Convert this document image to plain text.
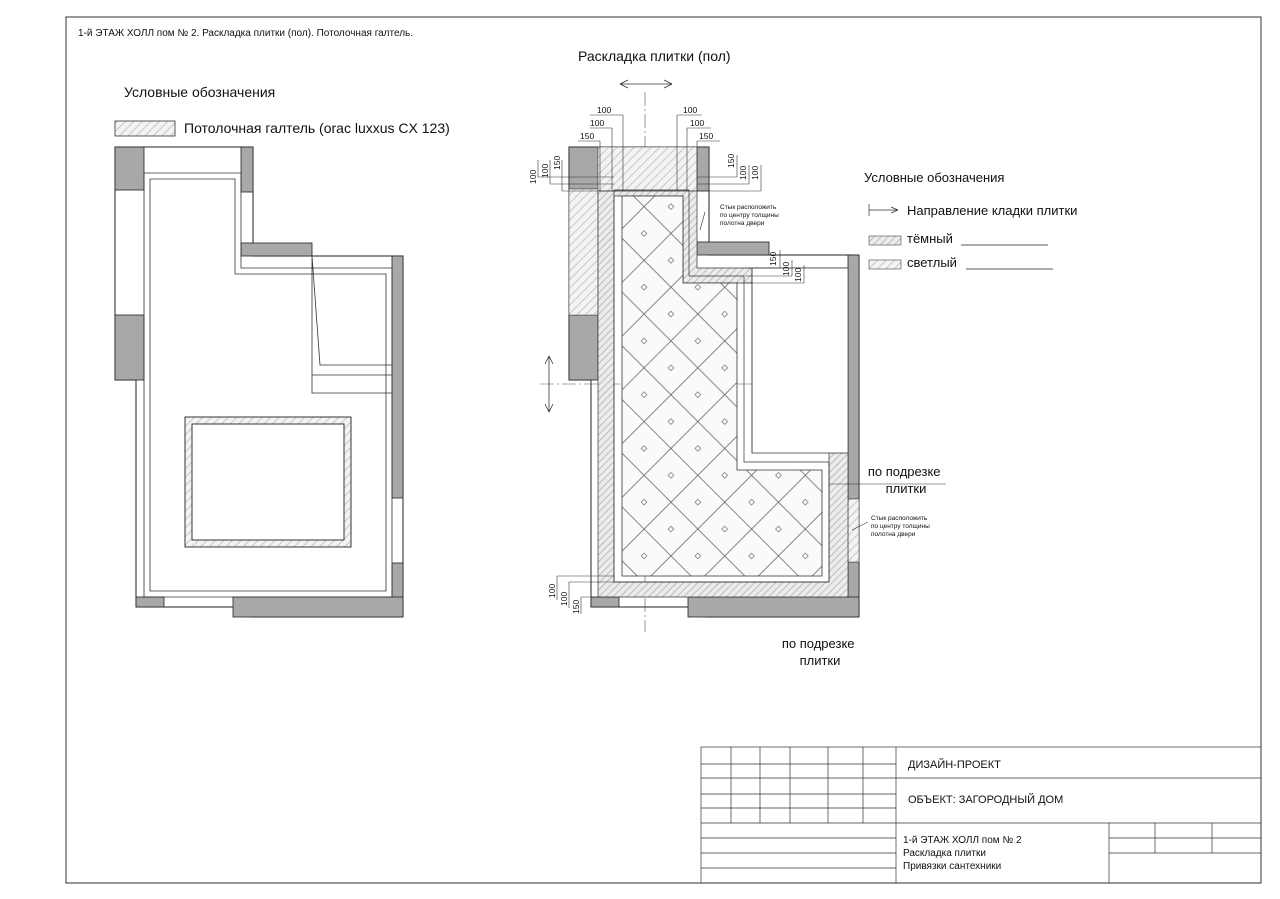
1-й ЭТАЖ ХОЛЛ пом № 2. Раскладка плитки (пол). Потолочная галтель.
Условные обозначения
Потолочная галтель (orac luxxus CX 123)
Раскладка плитки (пол)
100
100
150
100
100
150
100 100
150	150
100 100
150
100 100
100
100
150
Стык расположить по центру толщины полотна двери
Стык расположить по центру толщины полотна двери
по подрезке плитки
по подрезке плитки
Условные обозначения
Направление кладки плитки
тёмный
светлый
ДИЗАЙН-ПРОЕКТ
ОБЪЕКТ: ЗАГОРОДНЫЙ ДОМ
1-й ЭТАЖ ХОЛЛ пом № 2 Раскладка плитки Привязки сантехники
